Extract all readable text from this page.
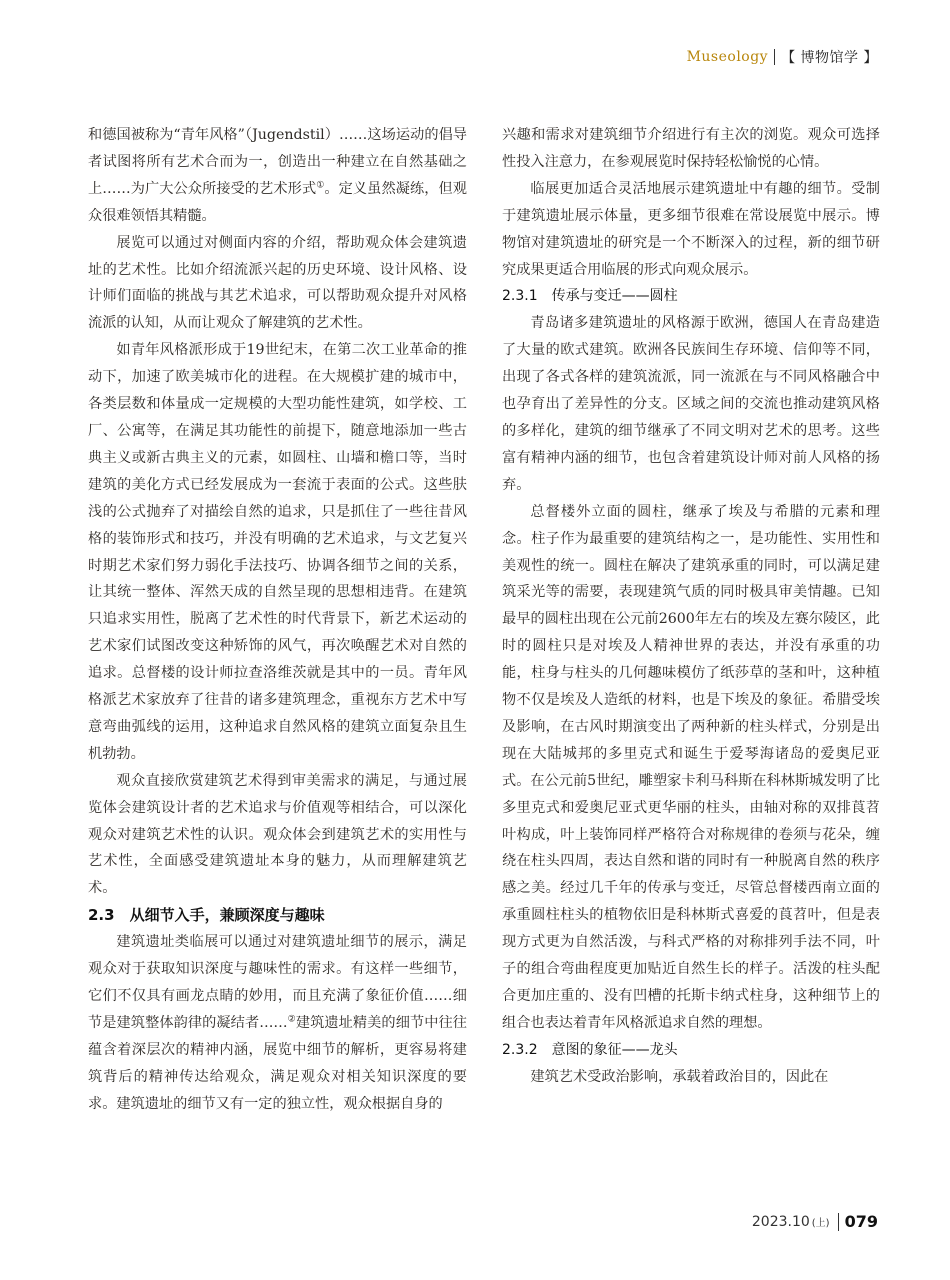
Museology 【 博物馆学 】

和德国被称为“青年风格”（Jugendstil）……这场运动的倡导者试图将所有艺术合而为一，创造出一种建立在自然基础之上……为广大公众所接受的艺术形式①。定义虽然凝练，但观众很难领悟其精髓。

展览可以通过对侧面内容的介绍，帮助观众体会建筑遗址的艺术性。比如介绍流派兴起的历史环境、设计风格、设计师们面临的挑战与其艺术追求，可以帮助观众提升对风格流派的认知，从而让观众了解建筑的艺术性。

如青年风格派形成于19世纪末，在第二次工业革命的推动下，加速了欧美城市化的进程。在大规模扩建的城市中，各类层数和体量成一定规模的大型功能性建筑，如学校、工厂、公寓等，在满足其功能性的前提下，随意地添加一些古典主义或新古典主义的元素，如圆柱、山墙和檐口等，当时建筑的美化方式已经发展成为一套流于表面的公式。这些肤浅的公式抛弃了对描绘自然的追求，只是抓住了一些往昔风格的装饰形式和技巧，并没有明确的艺术追求，与文艺复兴时期艺术家们努力弱化手法技巧、协调各细节之间的关系，让其统一整体、浑然天成的自然呈现的思想相违背。在建筑只追求实用性，脱离了艺术性的时代背景下，新艺术运动的艺术家们试图改变这种矫饰的风气，再次唤醒艺术对自然的追求。总督楼的设计师拉查洛维茨就是其中的一员。青年风格派艺术家放弃了往昔的诸多建筑理念，重视东方艺术中写意弯曲弧线的运用，这种追求自然风格的建筑立面复杂且生机勃勃。

观众直接欣赏建筑艺术得到审美需求的满足，与通过展览体会建筑设计者的艺术追求与价值观等相结合，可以深化观众对建筑艺术性的认识。观众体会到建筑艺术的实用性与艺术性，全面感受建筑遗址本身的魅力，从而理解建筑艺术。

2.3　从细节入手，兼顾深度与趣味

建筑遗址类临展可以通过对建筑遗址细节的展示，满足观众对于获取知识深度与趣味性的需求。有这样一些细节，它们不仅具有画龙点睛的妙用，而且充满了象征价值……细节是建筑整体韵律的凝结者……②建筑遗址精美的细节中往往蕴含着深层次的精神内涵，展览中细节的解析，更容易将建筑背后的精神传达给观众，满足观众对相关知识深度的要求。建筑遗址的细节又有一定的独立性，观众根据自身的

兴趣和需求对建筑细节介绍进行有主次的浏览。观众可选择性投入注意力，在参观展览时保持轻松愉悦的心情。

临展更加适合灵活地展示建筑遗址中有趣的细节。受制于建筑遗址展示体量，更多细节很难在常设展览中展示。博物馆对建筑遗址的研究是一个不断深入的过程，新的细节研究成果更适合用临展的形式向观众展示。

2.3.1　传承与变迁——圆柱

青岛诸多建筑遗址的风格源于欧洲，德国人在青岛建造了大量的欧式建筑。欧洲各民族间生存环境、信仰等不同，出现了各式各样的建筑流派，同一流派在与不同风格融合中也孕育出了差异性的分支。区域之间的交流也推动建筑风格的多样化，建筑的细节继承了不同文明对艺术的思考。这些富有精神内涵的细节，也包含着建筑设计师对前人风格的扬弃。

总督楼外立面的圆柱，继承了埃及与希腊的元素和理念。柱子作为最重要的建筑结构之一，是功能性、实用性和美观性的统一。圆柱在解决了建筑承重的同时，可以满足建筑采光等的需要，表现建筑气质的同时极具审美情趣。已知最早的圆柱出现在公元前2600年左右的埃及左赛尔陵区，此时的圆柱只是对埃及人精神世界的表达，并没有承重的功能，柱身与柱头的几何趣味模仿了纸莎草的茎和叶，这种植物不仅是埃及人造纸的材料，也是下埃及的象征。希腊受埃及影响，在古风时期演变出了两种新的柱头样式，分别是出现在大陆城邦的多里克式和诞生于爱琴海诸岛的爱奥尼亚式。在公元前5世纪，雕塑家卡利马科斯在科林斯城发明了比多里克式和爱奥尼亚式更华丽的柱头，由轴对称的双排莨苕叶构成，叶上装饰同样严格符合对称规律的卷须与花朵，缠绕在柱头四周，表达自然和谐的同时有一种脱离自然的秩序感之美。经过几千年的传承与变迁，尽管总督楼西南立面的承重圆柱柱头的植物依旧是科林斯式喜爱的莨苕叶，但是表现方式更为自然活泼，与科式严格的对称排列手法不同，叶子的组合弯曲程度更加贴近自然生长的样子。活泼的柱头配合更加庄重的、没有凹槽的托斯卡纳式柱身，这种细节上的组合也表达着青年风格派追求自然的理想。

2.3.2　意图的象征——龙头

建筑艺术受政治影响，承载着政治目的，因此在

2023.10 (上) 079
